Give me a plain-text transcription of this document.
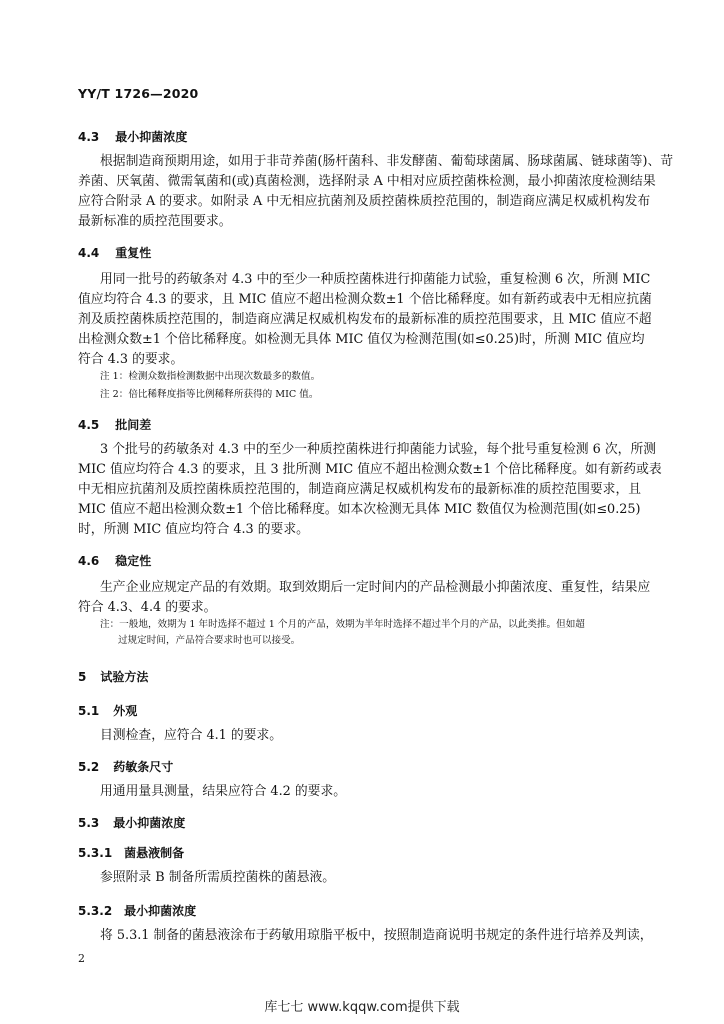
YY/T 1726—2020
4.3 最小抑菌浓度
根据制造商预期用途，如用于非苛养菌(肠杆菌科、非发酵菌、葡萄球菌属、肠球菌属、链球菌等)、苛
养菌、厌氧菌、微需氧菌和(或)真菌检测，选择附录 A 中相对应质控菌株检测，最小抑菌浓度检测结果
应符合附录 A 的要求。如附录 A 中无相应抗菌剂及质控菌株质控范围的，制造商应满足权威机构发布
最新标准的质控范围要求。
4.4 重复性
用同一批号的药敏条对 4.3 中的至少一种质控菌株进行抑菌能力试验，重复检测 6 次，所测 MIC
值应均符合 4.3 的要求，且 MIC 值应不超出检测众数±1 个倍比稀释度。如有新药或表中无相应抗菌
剂及质控菌株质控范围的，制造商应满足权威机构发布的最新标准的质控范围要求，且 MIC 值应不超
出检测众数±1 个倍比稀释度。如检测无具体 MIC 值仅为检测范围(如≤0.25)时，所测 MIC 值应均
符合 4.3 的要求。
注 1：检测众数指检测数据中出现次数最多的数值。
注 2：倍比稀释度指等比例稀释所获得的 MIC 值。
4.5 批间差
3 个批号的药敏条对 4.3 中的至少一种质控菌株进行抑菌能力试验，每个批号重复检测 6 次，所测
MIC 值应均符合 4.3 的要求，且 3 批所测 MIC 值应不超出检测众数±1 个倍比稀释度。如有新药或表
中无相应抗菌剂及质控菌株质控范围的，制造商应满足权威机构发布的最新标准的质控范围要求，且
MIC 值应不超出检测众数±1 个倍比稀释度。如本次检测无具体 MIC 数值仅为检测范围(如≤0.25)
时，所测 MIC 值应均符合 4.3 的要求。
4.6 稳定性
生产企业应规定产品的有效期。取到效期后一定时间内的产品检测最小抑菌浓度、重复性，结果应
符合 4.3、4.4 的要求。
注：一般地，效期为 1 年时选择不超过 1 个月的产品，效期为半年时选择不超过半个月的产品，以此类推。但如超
过规定时间，产品符合要求时也可以接受。
5 试验方法
5.1 外观
目测检查，应符合 4.1 的要求。
5.2 药敏条尺寸
用通用量具测量，结果应符合 4.2 的要求。
5.3 最小抑菌浓度
5.3.1 菌悬液制备
参照附录 B 制备所需质控菌株的菌悬液。
5.3.2 最小抑菌浓度
将 5.3.1 制备的菌悬液涂布于药敏用琼脂平板中，按照制造商说明书规定的条件进行培养及判读，
2
库七七 www.kqqw.com提供下载
